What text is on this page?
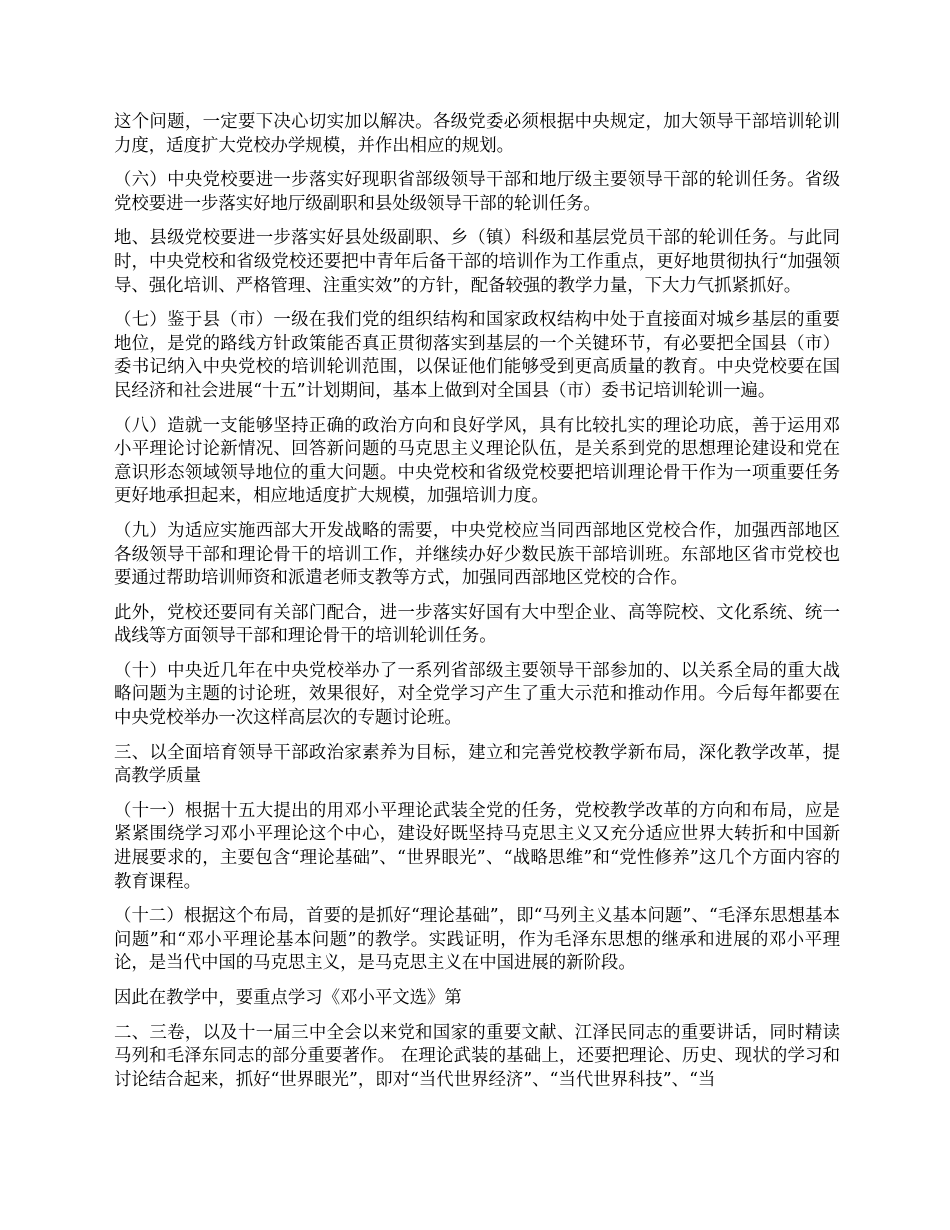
这个问题，一定要下决心切实加以解决。各级党委必须根据中央规定，加大领导干部培训轮训力度，适度扩大党校办学规模，并作出相应的规划。

（六）中央党校要进一步落实好现职省部级领导干部和地厅级主要领导干部的轮训任务。省级党校要进一步落实好地厅级副职和县处级领导干部的轮训任务。

地、县级党校要进一步落实好县处级副职、乡（镇）科级和基层党员干部的轮训任务。与此同时，中央党校和省级党校还要把中青年后备干部的培训作为工作重点，更好地贯彻执行“加强领导、强化培训、严格管理、注重实效”的方针，配备较强的教学力量，下大力气抓紧抓好。

（七）鉴于县（市）一级在我们党的组织结构和国家政权结构中处于直接面对城乡基层的重要地位，是党的路线方针政策能否真正贯彻落实到基层的一个关键环节，有必要把全国县（市）委书记纳入中央党校的培训轮训范围，以保证他们能够受到更高质量的教育。中央党校要在国民经济和社会进展“十五”计划期间，基本上做到对全国县（市）委书记培训轮训一遍。

（八）造就一支能够坚持正确的政治方向和良好学风，具有比较扎实的理论功底，善于运用邓小平理论讨论新情况、回答新问题的马克思主义理论队伍，是关系到党的思想理论建设和党在意识形态领域领导地位的重大问题。中央党校和省级党校要把培训理论骨干作为一项重要任务更好地承担起来，相应地适度扩大规模，加强培训力度。

（九）为适应实施西部大开发战略的需要，中央党校应当同西部地区党校合作，加强西部地区各级领导干部和理论骨干的培训工作，并继续办好少数民族干部培训班。东部地区省市党校也要通过帮助培训师资和派遣老师支教等方式，加强同西部地区党校的合作。

此外，党校还要同有关部门配合，进一步落实好国有大中型企业、高等院校、文化系统、统一战线等方面领导干部和理论骨干的培训轮训任务。

（十）中央近几年在中央党校举办了一系列省部级主要领导干部参加的、以关系全局的重大战略问题为主题的讨论班，效果很好，对全党学习产生了重大示范和推动作用。今后每年都要在中央党校举办一次这样高层次的专题讨论班。

三、以全面培育领导干部政治家素养为目标，建立和完善党校教学新布局，深化教学改革，提高教学质量

（十一）根据十五大提出的用邓小平理论武装全党的任务，党校教学改革的方向和布局，应是紧紧围绕学习邓小平理论这个中心，建设好既坚持马克思主义又充分适应世界大转折和中国新进展要求的，主要包含“理论基础”、“世界眼光”、“战略思维”和“党性修养”这几个方面内容的教育课程。

（十二）根据这个布局，首要的是抓好“理论基础”，即“马列主义基本问题”、“毛泽东思想基本问题”和“邓小平理论基本问题”的教学。实践证明，作为毛泽东思想的继承和进展的邓小平理论，是当代中国的马克思主义，是马克思主义在中国进展的新阶段。

因此在教学中，要重点学习《邓小平文选》第

二、三卷，以及十一届三中全会以来党和国家的重要文献、江泽民同志的重要讲话，同时精读马列和毛泽东同志的部分重要著作。 在理论武装的基础上，还要把理论、历史、现状的学习和讨论结合起来，抓好“世界眼光”，即对“当代世界经济”、“当代世界科技”、“当
